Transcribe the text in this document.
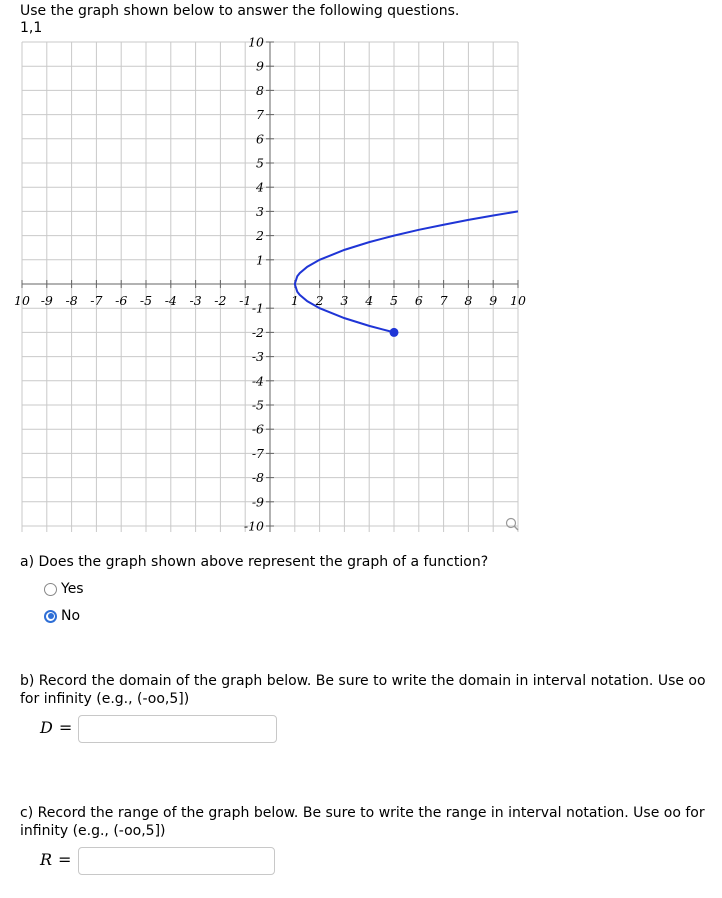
Use the graph shown below to answer the following questions.
1,1
10 -9 -8 -7 -6 -5 -4 -3 -2 -1	1 2 3 4 5 6 7 8 9 10
-10
-9
-8
-7
-6
-5
-4
-3
-2
-1
1
2
3
4
5
6
7
8
9
10
a) Does the graph shown above represent the graph of a function?
Yes
No
b) Record the domain of the graph below. Be sure to write the domain in interval notation. Use oo for infinity (e.g., (-oo,5])
D =
c) Record the range of the graph below. Be sure to write the range in interval notation. Use oo for infinity (e.g., (-oo,5])
R =
